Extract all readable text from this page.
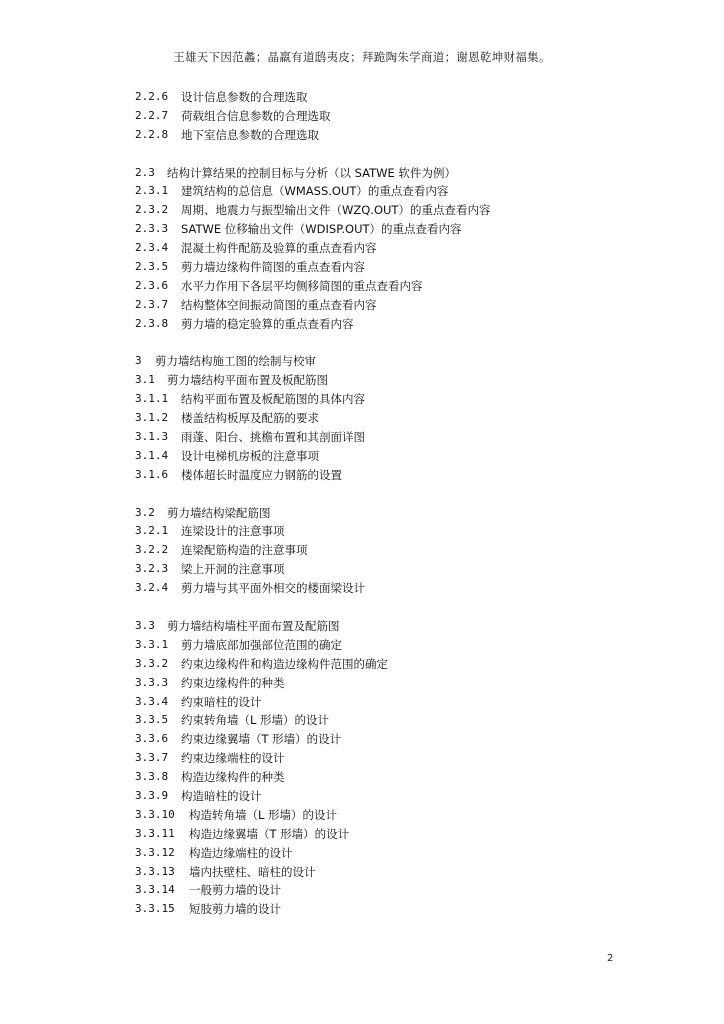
王雄天下因范蠡；晶羸有道鸱夷皮；拜跪陶朱学商道；谢恩乾坤财福集。
2.2.6	设计信息参数的合理选取
2.2.7	荷载组合信息参数的合理选取
2.2.8	地下室信息参数的合理选取
2.3	结构计算结果的控制目标与分析（以 SATWE 软件为例）
2.3.1	建筑结构的总信息（WMASS.OUT）的重点查看内容
2.3.2	周期、地震力与振型输出文件（WZQ.OUT）的重点查看内容
2.3.3	SATWE 位移输出文件（WDISP.OUT）的重点查看内容
2.3.4	混凝土构件配筋及验算的重点查看内容
2.3.5	剪力墙边缘构件简图的重点查看内容
2.3.6	水平力作用下各层平均侧移简图的重点查看内容
2.3.7	结构整体空间振动简图的重点查看内容
2.3.8	剪力墙的稳定验算的重点查看内容
3	剪力墙结构施工图的绘制与校审
3.1	剪力墙结构平面布置及板配筋图
3.1.1	结构平面布置及板配筋图的具体内容
3.1.2	楼盖结构板厚及配筋的要求
3.1.3	雨蓬、阳台、挑檐布置和其剖面详图
3.1.4	设计电梯机房板的注意事项
3.1.6	楼体超长时温度应力钢筋的设置
3.2	剪力墙结构梁配筋图
3.2.1	连梁设计的注意事项
3.2.2	连梁配筋构造的注意事项
3.2.3	梁上开洞的注意事项
3.2.4	剪力墙与其平面外相交的楼面梁设计
3.3	剪力墙结构墙柱平面布置及配筋图
3.3.1	剪力墙底部加强部位范围的确定
3.3.2	约束边缘构件和构造边缘构件范围的确定
3.3.3	约束边缘构件的种类
3.3.4	约束暗柱的设计
3.3.5	约束转角墙（L 形墙）的设计
3.3.6	约束边缘翼墙（T 形墙）的设计
3.3.7	约束边缘端柱的设计
3.3.8	构造边缘构件的种类
3.3.9	构造暗柱的设计
3.3.10	构造转角墙（L 形墙）的设计
3.3.11	构造边缘翼墙（T 形墙）的设计
3.3.12	构造边缘端柱的设计
3.3.13	墙内扶壁柱、暗柱的设计
3.3.14	一般剪力墙的设计
3.3.15	短肢剪力墙的设计
2
